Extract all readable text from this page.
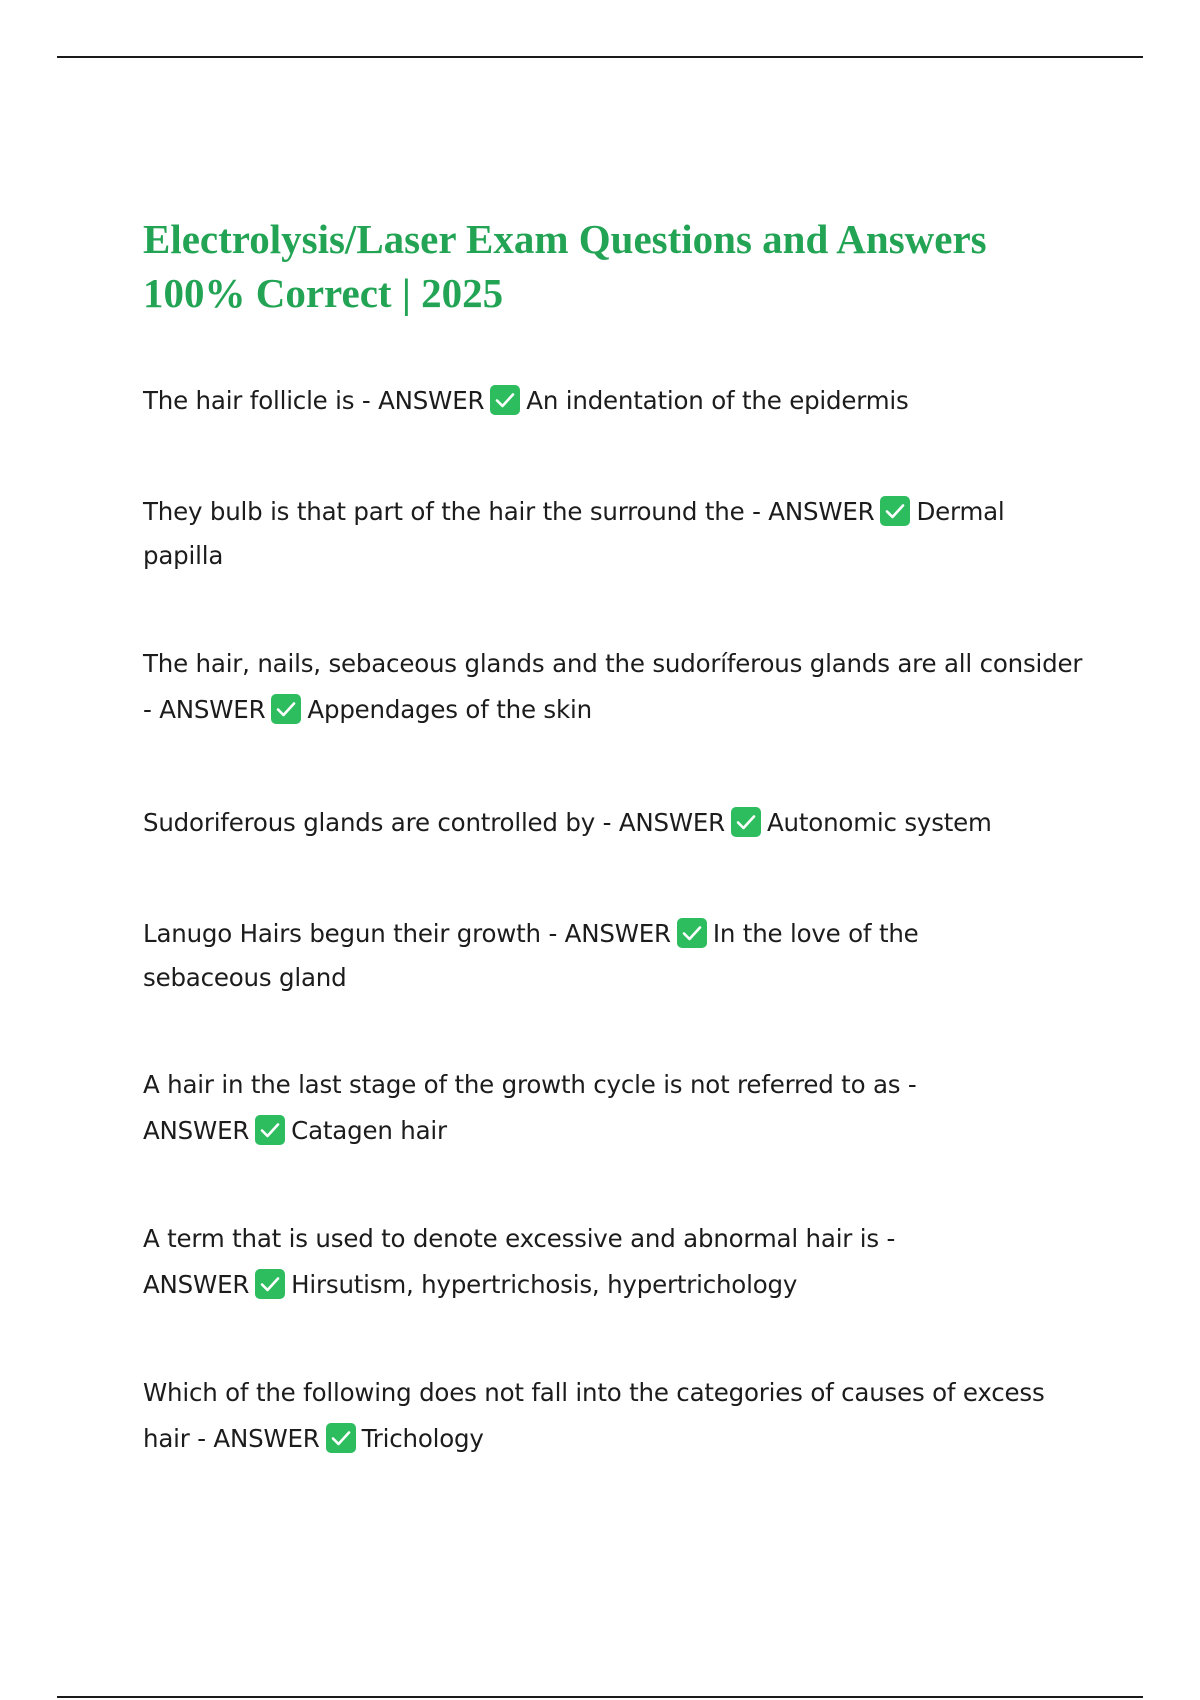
Electrolysis/Laser Exam Questions and Answers
100% Correct | 2025

The hair follicle is - ANSWER An indentation of the epidermis

They bulb is that part of the hair the surround the - ANSWER Dermal papilla

The hair, nails, sebaceous glands and the sudoríferous glands are all consider - ANSWER Appendages of the skin

Sudoriferous glands are controlled by - ANSWER Autonomic system

Lanugo Hairs begun their growth - ANSWER In the love of the sebaceous gland

A hair in the last stage of the growth cycle is not referred to as - ANSWER Catagen hair

A term that is used to denote excessive and abnormal hair is - ANSWER Hirsutism, hypertrichosis, hypertrichology

Which of the following does not fall into the categories of causes of excess hair - ANSWER Trichology
